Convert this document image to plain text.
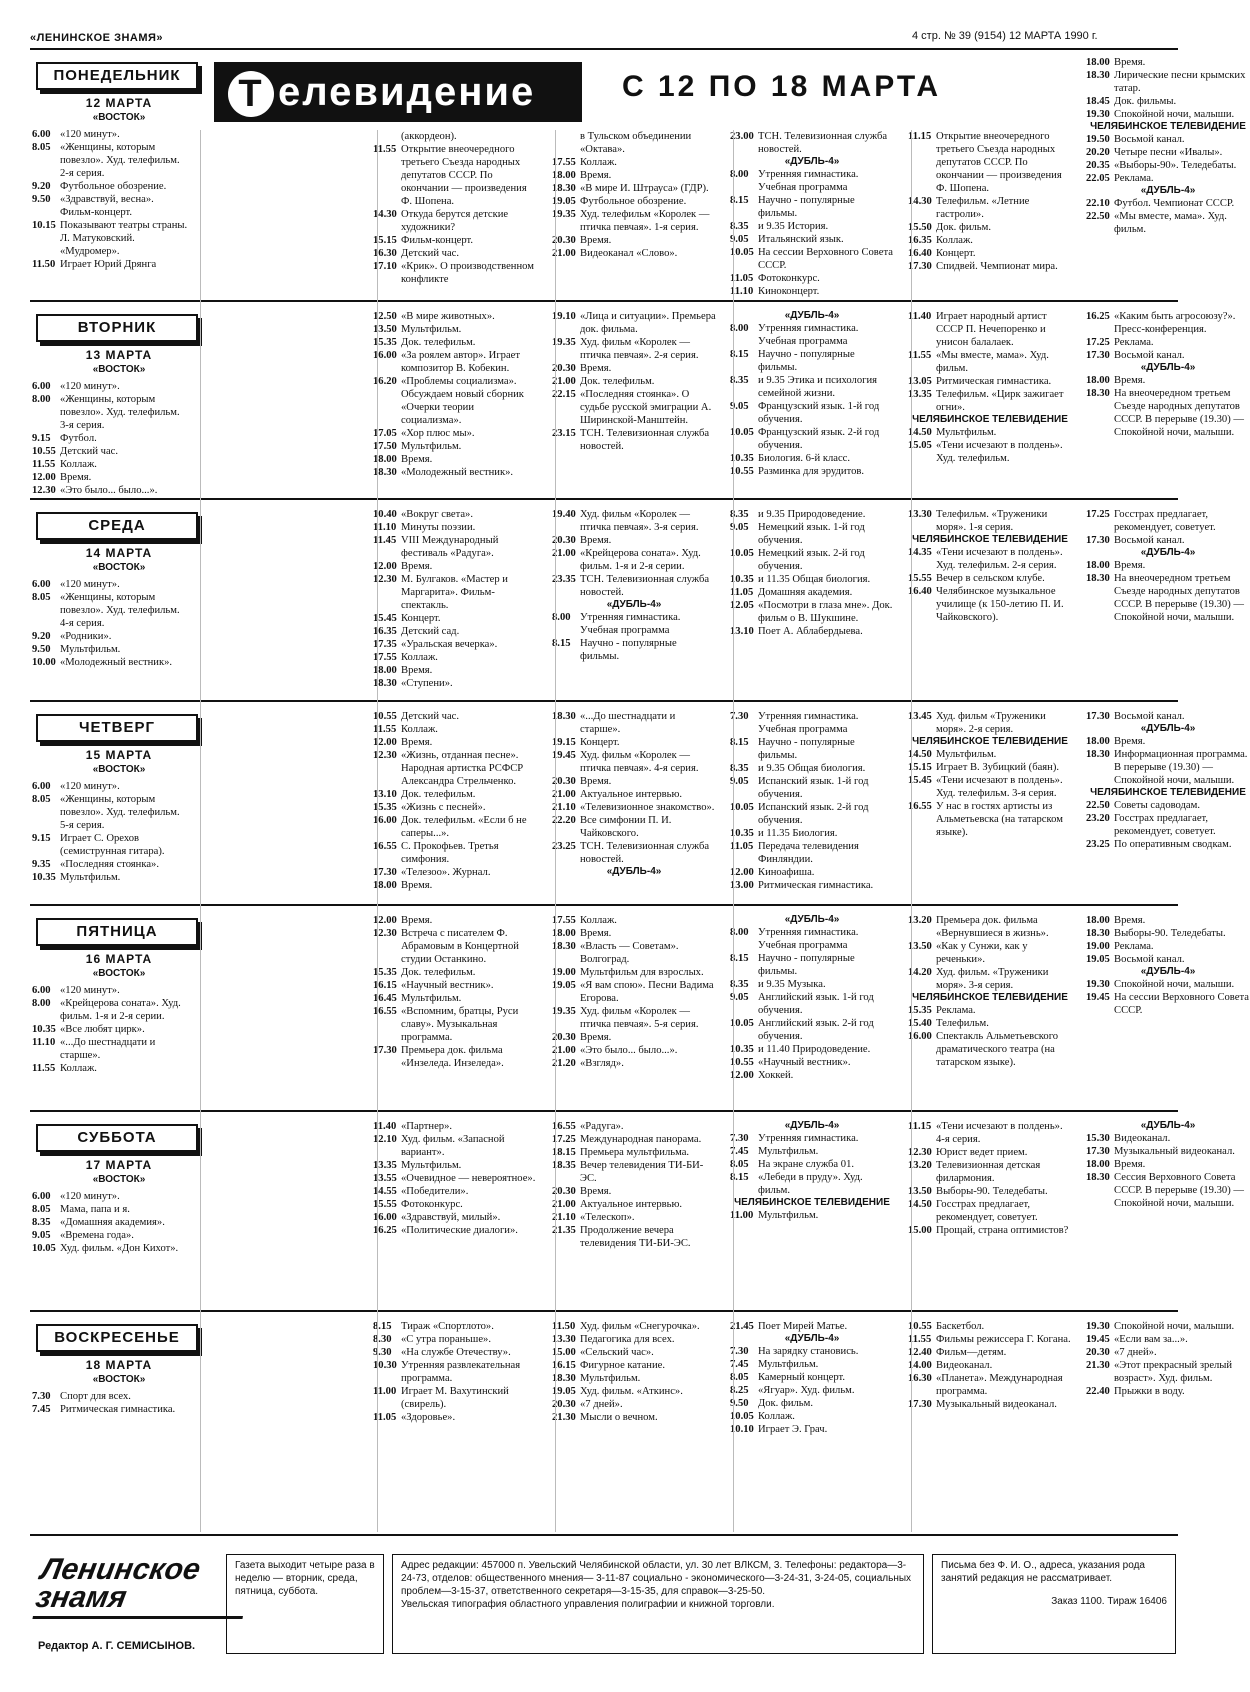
«ЛЕНИНСКОЕ ЗНАМЯ»	4 стр. № 39 (9154) 12 МАРТА 1990 г.
Т елевидение	С 12 ПО 18 МАРТА
ПОНЕДЕЛЬНИК
12 МАРТА
«ВОСТОК»
6.00 «120 минут».
8.05 «Женщины, которым повезло». Худ. телефильм. 2-я серия.
9.20 Футбольное обозрение.
9.50 «Здравствуй, весна». Фильм-концерт.
10.15 Показывают театры страны. Л. Матуковский. «Мудромер».
11.50 Играет Юрий Дрянга
(аккордеон).
11.55 Открытие внеочередного третьего Съезда народных депутатов СССР. По окончании — произведения Ф. Шопена.
14.30 Откуда берутся детские художники?
15.15 Фильм-концерт.
16.30 Детский час.
17.10 «Крик». О производственном конфликте
в Тульском объединении «Октава».
17.55 Коллаж.
18.00 Время.
18.30 «В мире И. Штрауса» (ГДР).
19.05 Футбольное обозрение.
19.35 Худ. телефильм «Королек — птичка певчая». 1-я серия.
20.30 Время.
21.00 Видеоканал «Слово».
23.00 ТСН. Телевизионная служба новостей.
«ДУБЛЬ-4»
8.00 Утренняя гимнастика. Учебная программа
8.15 Научно - популярные фильмы.
8.35 и 9.35 История.
9.05 Итальянский язык.
10.05 На сессии Верховного Совета СССР.
11.05 Фотоконкурс.
11.10 Киноконцерт.
11.15 Открытие внеочередного третьего Съезда народных депутатов СССР. По окончании — произведения Ф. Шопена.
14.30 Телефильм. «Летние гастроли».
15.50 Док. фильм.
16.35 Коллаж.
16.40 Концерт.
17.30 Спидвей. Чемпионат мира.
18.00 Время.
18.30 Лирические песни крымских татар.
18.45 Док. фильмы.
19.30 Спокойной ночи, малыши.
ЧЕЛЯБИНСКОЕ ТЕЛЕВИДЕНИЕ
19.50 Восьмой канал.
20.20 Четыре песни «Ивалы».
20.35 «Выборы-90». Теледебаты.
22.05 Реклама.
«ДУБЛЬ-4»
22.10 Футбол. Чемпионат СССР.
22.50 «Мы вместе, мама». Худ. фильм.
ВТОРНИК
13 МАРТА
«ВОСТОК»
6.00 «120 минут».
8.00 «Женщины, которым повезло». Худ. телефильм. 3-я серия.
9.15 Футбол.
10.55 Детский час.
11.55 Коллаж.
12.00 Время.
12.30 «Это было... было...».
12.50 «В мире животных».
13.50 Мультфильм.
15.35 Док. телефильм.
16.00 «За роялем автор». Играет композитор В. Кобекин.
16.20 «Проблемы социализма». Обсуждаем новый сборник «Очерки теории социализма».
17.05 «Хор плюс мы».
17.50 Мультфильм.
18.00 Время.
18.30 «Молодежный вестник».
19.10 «Лица и ситуации». Премьера док. фильма.
19.35 Худ. фильм «Королек — птичка певчая». 2-я серия.
20.30 Время.
21.00 Док. телефильм.
22.15 «Последняя стоянка». О судьбе русской эмиграции А. Ширинской-Манштейн.
23.15 ТСН. Телевизионная служба новостей.
«ДУБЛЬ-4»
8.00 Утренняя гимнастика. Учебная программа
8.15 Научно - популярные фильмы.
8.35 и 9.35 Этика и психология семейной жизни.
9.05 Французский язык. 1-й год обучения.
10.05 Французский язык. 2-й год обучения.
10.35 Биология. 6-й класс.
10.55 Разминка для эрудитов.
11.40 Играет народный артист СССР П. Нечепоренко и унисон балалаек.
11.55 «Мы вместе, мама». Худ. фильм.
13.05 Ритмическая гимнастика.
13.35 Телефильм. «Цирк зажигает огни».
ЧЕЛЯБИНСКОЕ ТЕЛЕВИДЕНИЕ
14.50 Мультфильм.
15.05 «Тени исчезают в полдень». Худ. телефильм.
16.25 «Каким быть агросоюзу?». Пресс-конференция.
17.25 Реклама.
17.30 Восьмой канал.
«ДУБЛЬ-4»
18.00 Время.
18.30 На внеочередном третьем Съезде народных депутатов СССР. В перерыве (19.30) — Спокойной ночи, малыши.
СРЕДА
14 МАРТА
«ВОСТОК»
6.00 «120 минут».
8.05 «Женщины, которым повезло». Худ. телефильм. 4-я серия.
9.20 «Родники».
9.50 Мультфильм.
10.00 «Молодежный вестник».
10.40 «Вокруг света».
11.10 Минуты поэзии.
11.45 VIII Международный фестиваль «Радуга».
12.00 Время.
12.30 М. Булгаков. «Мастер и Маргарита». Фильм-спектакль.
15.45 Концерт.
16.35 Детский сад.
17.35 «Уральская вечерка».
17.55 Коллаж.
18.00 Время.
18.30 «Ступени».
19.40 Худ. фильм «Королек — птичка певчая». 3-я серия.
20.30 Время.
21.00 «Крейцерова соната». Худ. фильм. 1-я и 2-я серии.
23.35 ТСН. Телевизионная служба новостей.
«ДУБЛЬ-4»
8.00 Утренняя гимнастика. Учебная программа
8.15 Научно - популярные фильмы.
8.35 и 9.35 Природоведение.
9.05 Немецкий язык. 1-й год обучения.
10.05 Немецкий язык. 2-й год обучения.
10.35 и 11.35 Общая биология.
11.05 Домашняя академия.
12.05 «Посмотри в глаза мне». Док. фильм о В. Шукшине.
13.10 Поет А. Аблабердыева.
13.30 Телефильм. «Труженики моря». 1-я серия.
ЧЕЛЯБИНСКОЕ ТЕЛЕВИДЕНИЕ
14.35 «Тени исчезают в полдень». Худ. телефильм. 2-я серия.
15.55 Вечер в сельском клубе.
16.40 Челябинское музыкальное училище (к 150-летию П. И. Чайковского).
17.25 Госстрах предлагает, рекомендует, советует.
17.30 Восьмой канал.
«ДУБЛЬ-4»
18.00 Время.
18.30 На внеочередном третьем Съезде народных депутатов СССР. В перерыве (19.30) — Спокойной ночи, малыши.
ЧЕТВЕРГ
15 МАРТА
«ВОСТОК»
6.00 «120 минут».
8.05 «Женщины, которым повезло». Худ. телефильм. 5-я серия.
9.15 Играет С. Орехов (семиструнная гитара).
9.35 «Последняя стоянка».
10.35 Мультфильм.
10.55 Детский час.
11.55 Коллаж.
12.00 Время.
12.30 «Жизнь, отданная песне». Народная артистка РСФСР Александра Стрельченко.
13.10 Док. телефильм.
15.35 «Жизнь с песней».
16.00 Док. телефильм. «Если б не саперы...».
16.55 С. Прокофьев. Третья симфония.
17.30 «Телезоо». Журнал.
18.00 Время.
18.30 «...До шестнадцати и старше».
19.15 Концерт.
19.45 Худ. фильм «Королек — птичка певчая». 4-я серия.
20.30 Время.
21.00 Актуальное интервью.
21.10 «Телевизионное знакомство».
22.20 Все симфонии П. И. Чайковского.
23.25 ТСН. Телевизионная служба новостей.
«ДУБЛЬ-4»
7.30 Утренняя гимнастика. Учебная программа
8.15 Научно - популярные фильмы.
8.35 и 9.35 Общая биология.
9.05 Испанский язык. 1-й год обучения.
10.05 Испанский язык. 2-й год обучения.
10.35 и 11.35 Биология.
11.05 Передача телевидения Финляндии.
12.00 Киноафиша.
13.00 Ритмическая гимнастика.
13.45 Худ. фильм «Труженики моря». 2-я серия.
ЧЕЛЯБИНСКОЕ ТЕЛЕВИДЕНИЕ
14.50 Мультфильм.
15.15 Играет В. Зубицкий (баян).
15.45 «Тени исчезают в полдень». Худ. телефильм. 3-я серия.
16.55 У нас в гостях артисты из Альметьевска (на татарском языке).
17.30 Восьмой канал.
«ДУБЛЬ-4»
18.00 Время.
18.30 Информационная программа. В перерыве (19.30) — Спокойной ночи, малыши.
ЧЕЛЯБИНСКОЕ ТЕЛЕВИДЕНИЕ
22.50 Советы садоводам.
23.20 Госстрах предлагает, рекомендует, советует.
23.25 По оперативным сводкам.
ПЯТНИЦА
16 МАРТА
«ВОСТОК»
6.00 «120 минут».
8.00 «Крейцерова соната». Худ. фильм. 1-я и 2-я серии.
10.35 «Все любят цирк».
11.10 «...До шестнадцати и старше».
11.55 Коллаж.
12.00 Время.
12.30 Встреча с писателем Ф. Абрамовым в Концертной студии Останкино.
15.35 Док. телефильм.
16.15 «Научный вестник».
16.45 Мультфильм.
16.55 «Вспомним, братцы, Руси славу». Музыкальная программа.
17.30 Премьера док. фильма «Инзеледа. Инзеледа».
17.55 Коллаж.
18.00 Время.
18.30 «Власть — Советам». Волгоград.
19.00 Мультфильм для взрослых.
19.05 «Я вам спою». Песни Вадима Егорова.
19.35 Худ. фильм «Королек — птичка певчая». 5-я серия.
20.30 Время.
21.00 «Это было... было...».
21.20 «Взгляд».
«ДУБЛЬ-4»
8.00 Утренняя гимнастика. Учебная программа
8.15 Научно - популярные фильмы.
8.35 и 9.35 Музыка.
9.05 Английский язык. 1-й год обучения.
10.05 Английский язык. 2-й год обучения.
10.35 и 11.40 Природоведение.
10.55 «Научный вестник».
12.00 Хоккей.
13.20 Премьера док. фильма «Вернувшиеся в жизнь».
13.50 «Как у Сунжи, как у реченьки».
14.20 Худ. фильм. «Труженики моря». 3-я серия.
ЧЕЛЯБИНСКОЕ ТЕЛЕВИДЕНИЕ
15.35 Реклама.
15.40 Телефильм.
16.00 Спектакль Альметьевского драматического театра (на татарском языке).
18.00 Время.
18.30 Выборы-90. Теледебаты.
19.00 Реклама.
19.05 Восьмой канал.
«ДУБЛЬ-4»
19.30 Спокойной ночи, малыши.
19.45 На сессии Верховного Совета СССР.
СУББОТА
17 МАРТА
«ВОСТОК»
6.00 «120 минут».
8.05 Мама, папа и я.
8.35 «Домашняя академия».
9.05 «Времена года».
10.05 Худ. фильм. «Дон Кихот».
11.40 «Партнер».
12.10 Худ. фильм. «Запасной вариант».
13.35 Мультфильм.
13.55 «Очевидное — невероятное».
14.55 «Победители».
15.55 Фотоконкурс.
16.00 «Здравствуй, милый».
16.25 «Политические диалоги».
16.55 «Радуга».
17.25 Международная панорама.
18.15 Премьера мультфильма.
18.35 Вечер телевидения ТИ-БИ-ЭС.
20.30 Время.
21.00 Актуальное интервью.
21.10 «Телескоп».
21.35 Продолжение вечера телевидения ТИ-БИ-ЭС.
«ДУБЛЬ-4»
7.30 Утренняя гимнастика.
7.45 Мультфильм.
8.05 На экране служба 01.
8.15 «Лебеди в пруду». Худ. фильм.
ЧЕЛЯБИНСКОЕ ТЕЛЕВИДЕНИЕ
11.00 Мультфильм.
11.15 «Тени исчезают в полдень». 4-я серия.
12.30 Юрист ведет прием.
13.20 Телевизионная детская филармония.
13.50 Выборы-90. Теледебаты.
14.50 Госстрах предлагает, рекомендует, советует.
15.00 Прощай, страна оптимистов?
«ДУБЛЬ-4»
15.30 Видеоканал.
17.30 Музыкальный видеоканал.
18.00 Время.
18.30 Сессия Верховного Совета СССР. В перерыве (19.30) — Спокойной ночи, малыши.
ВОСКРЕСЕНЬЕ
18 МАРТА
«ВОСТОК»
7.30 Спорт для всех.
7.45 Ритмическая гимнастика.
8.15 Тираж «Спортлото».
8.30 «С утра пораньше».
9.30 «На службе Отечеству».
10.30 Утренняя развлекательная программа.
11.00 Играет М. Вахутинский (свирель).
11.05 «Здоровье».
11.50 Худ. фильм «Снегурочка».
13.30 Педагогика для всех.
15.00 «Сельский час».
16.15 Фигурное катание.
18.30 Мультфильм.
19.05 Худ. фильм. «Аткинс».
20.30 «7 дней».
21.30 Мысли о вечном.
21.45 Поет Мирей Матье.
«ДУБЛЬ-4»
7.30 На зарядку становись.
7.45 Мультфильм.
8.05 Камерный концерт.
8.25 «Ягуар». Худ. фильм.
9.50 Док. фильм.
10.05 Коллаж.
10.10 Играет Э. Грач.
10.55 Баскетбол.
11.55 Фильмы режиссера Г. Когана.
12.40 Фильм—детям.
14.00 Видеоканал.
16.30 «Планета». Международная программа.
17.30 Музыкальный видеоканал.
19.30 Спокойной ночи, малыши.
19.45 «Если вам за...».
20.30 «7 дней».
21.30 «Этот прекрасный зрелый возраст». Худ. фильм.
22.40 Прыжки в воду.
Ленинское знамя
Редактор А. Г. СЕМИСЫНОВ.
Газета выходит четыре раза в неделю — вторник, среда, пятница, суббота.
Адрес редакции: 457000 п. Увельский Челябинской области, ул. 30 лет ВЛКСМ, 3. Телефоны: редактора—3-24-73, отделов: общественного мнения— 3-11-87 социально - экономического—3-24-31, 3-24-05, социальных проблем—3-15-37, ответственного секретаря—3-15-35, для справок—3-25-50.
Увельская типография областного управления полиграфии и книжной торговли.
Письма без Ф. И. О., адреса, указания рода занятий редакция не рассматривает.
Заказ 1100. Тираж 16406
